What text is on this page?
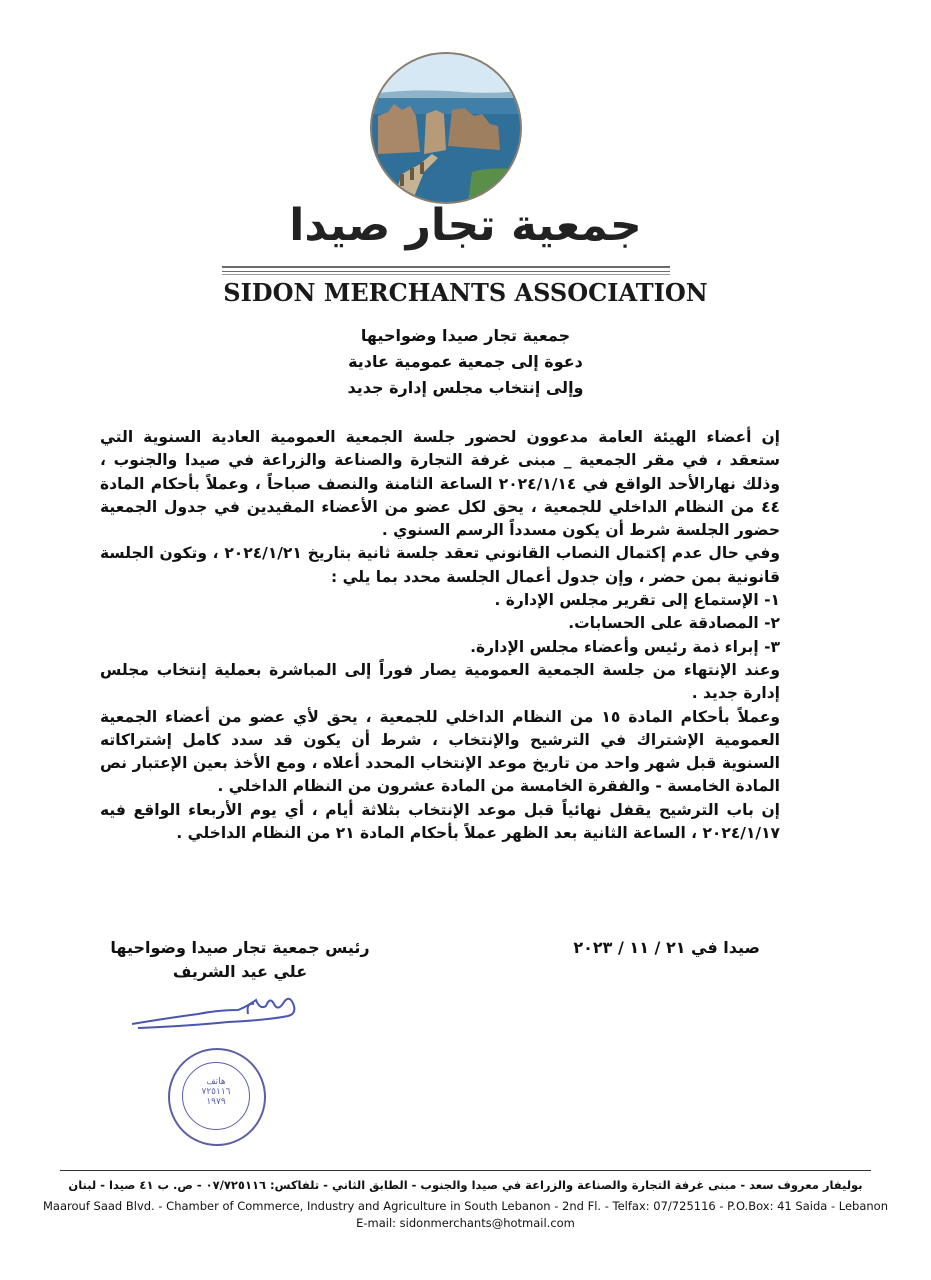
جمعية تجار صيدا
SIDON MERCHANTS ASSOCIATION
جمعية تجار صيدا وضواحيها
دعوة إلى جمعية عمومية عادية
وإلى إنتخاب مجلس إدارة جديد

إن أعضاء الهيئة العامة مدعوون لحضور جلسة الجمعية العمومية العادية السنوية التي ستعقد ، في مقر الجمعية _ مبنى غرفة التجارة والصناعة والزراعة في صيدا والجنوب ، وذلك نهارالأحد الواقع في ٢٠٢٤/١/١٤ الساعة الثامنة والنصف صباحاً ، وعملاً بأحكام المادة ٤٤ من النظام الداخلي للجمعية ، يحق لكل عضو من الأعضاء المقيدين في جدول الجمعية حضور الجلسة شرط أن يكون مسدداً الرسم السنوي .

وفي حال عدم إكتمال النصاب القانوني تعقد جلسة ثانية بتاريخ ٢٠٢٤/١/٢١ ، وتكون الجلسة قانونية بمن حضر ، وإن جدول أعمال الجلسة محدد بما يلي :

١- الإستماع إلى تقرير مجلس الإدارة .

٢- المصادقة على الحسابات.

٣- إبراء ذمة رئيس وأعضاء مجلس الإدارة.

وعند الإنتهاء من جلسة الجمعية العمومية يصار فوراً إلى المباشرة بعملية إنتخاب مجلس إدارة جديد .

وعملاً بأحكام المادة ١٥ من النظام الداخلي للجمعية ، يحق لأي عضو من أعضاء الجمعية العمومية الإشتراك في الترشيح والإنتخاب ، شرط أن يكون قد سدد كامل إشتراكاته السنوية قبل شهر واحد من تاريخ موعد الإنتخاب المحدد أعلاه ، ومع الأخذ بعين الإعتبار نص المادة الخامسة - والفقرة الخامسة من المادة عشرون من النظام الداخلي .

إن باب الترشيح يقفل نهائياً قبل موعد الإنتخاب بثلاثة أيام ، أي يوم الأربعاء الواقع فيه ٢٠٢٤/١/١٧ ، الساعة الثانية بعد الظهر عملاً بأحكام المادة ٢١ من النظام الداخلي .

صيدا في ٢١ / ١١ / ٢٠٢٣
رئيس جمعية تجار صيدا وضواحيها
علي عيد الشريف
هاتف
٧٢٥١١٦
١٩٧٩
بوليفار معروف سعد - مبنى غرفة التجارة والصناعة والزراعة في صيدا والجنوب - الطابق الثاني - تلفاكس: ٠٧/٧٢٥١١٦ - ص. ب ٤١ صيدا - لبنان
Maarouf Saad Blvd. - Chamber of Commerce, Industry and Agriculture in South Lebanon - 2nd Fl. - Telfax: 07/725116 - P.O.Box: 41 Saida - Lebanon
E-mail: sidonmerchants@hotmail.com
